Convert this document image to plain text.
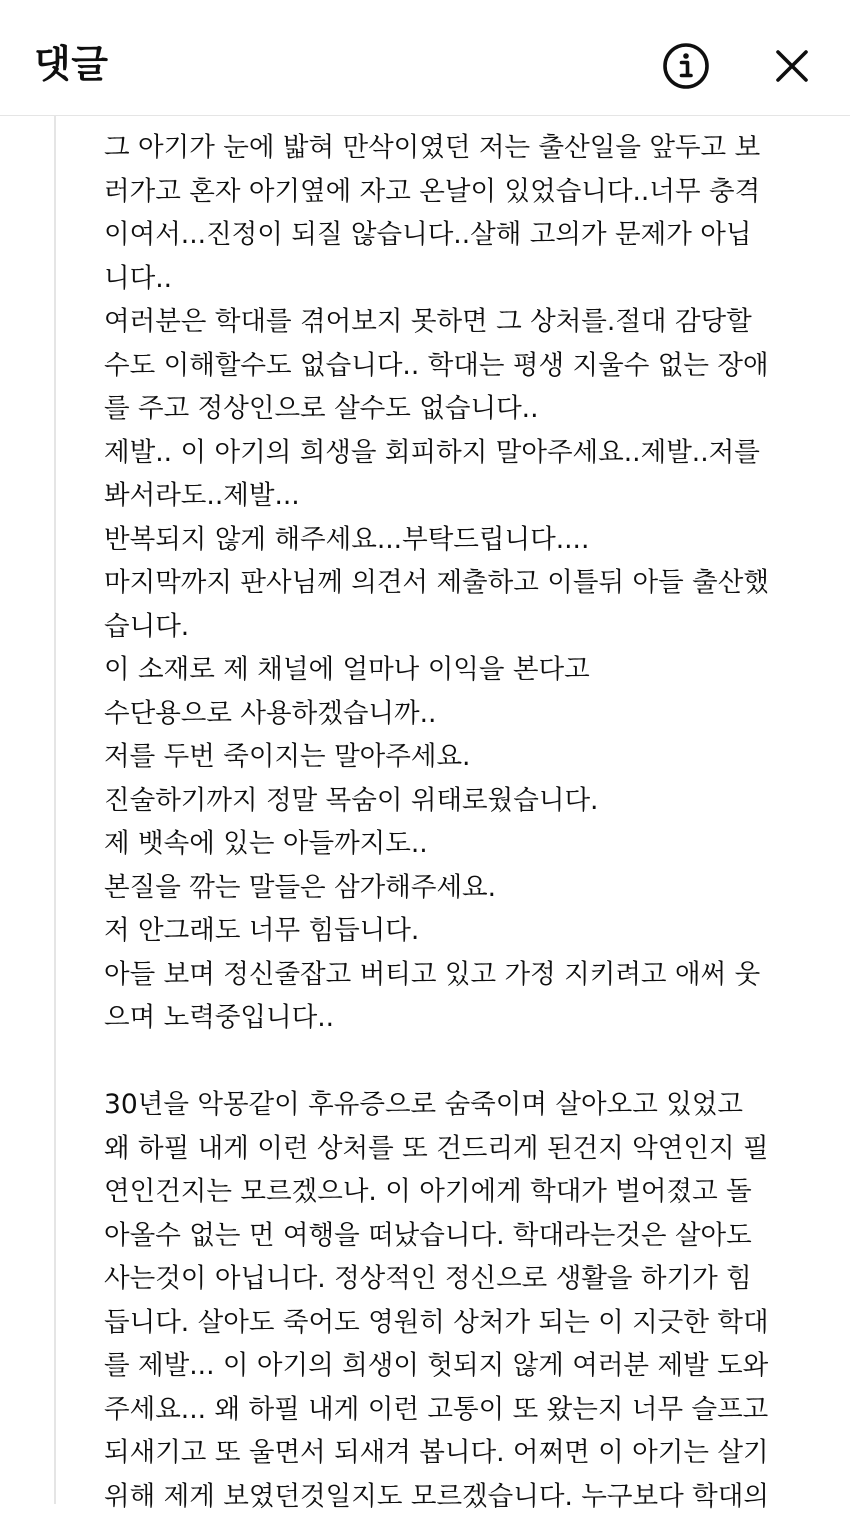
댓글
그 아기가 눈에 밟혀 만삭이였던 저는 출산일을 앞두고 보
러가고 혼자 아기옆에 자고 온날이 있었습니다..너무 충격
이여서...진정이 되질 않습니다..살해 고의가 문제가 아닙
니다..
여러분은 학대를 겪어보지 못하면 그 상처를.절대 감당할
수도 이해할수도 없습니다.. 학대는 평생 지울수 없는 장애
를 주고 정상인으로 살수도 없습니다..
제발.. 이 아기의 희생을 회피하지 말아주세요..제발..저를
봐서라도..제발...
반복되지 않게 해주세요...부탁드립니다....
마지막까지 판사님께 의견서 제출하고 이틀뒤 아들 출산했
습니다.
이 소재로 제 채널에 얼마나 이익을 본다고
수단용으로 사용하겠습니까..
저를 두번 죽이지는 말아주세요.
진술하기까지 정말 목숨이 위태로웠습니다.
제 뱃속에 있는 아들까지도..
본질을 깎는 말들은 삼가해주세요.
저 안그래도 너무 힘듭니다.
아들 보며 정신줄잡고 버티고 있고 가정 지키려고 애써 웃
으며 노력중입니다..
30년을 악몽같이 후유증으로 숨죽이며 살아오고 있었고
왜 하필 내게 이런 상처를 또 건드리게 된건지 악연인지 필
연인건지는 모르겠으나. 이 아기에게 학대가 벌어졌고 돌
아올수 없는 먼 여행을 떠났습니다. 학대라는것은 살아도
사는것이 아닙니다. 정상적인 정신으로 생활을 하기가 힘
듭니다. 살아도 죽어도 영원히 상처가 되는 이 지긋한 학대
를 제발... 이 아기의 희생이 헛되지 않게 여러분 제발 도와
주세요... 왜 하필 내게 이런 고통이 또 왔는지 너무 슬프고
되새기고 또 울면서 되새겨 봅니다. 어쩌면 이 아기는 살기
위해 제게 보였던것일지도 모르겠습니다. 누구보다 학대의
